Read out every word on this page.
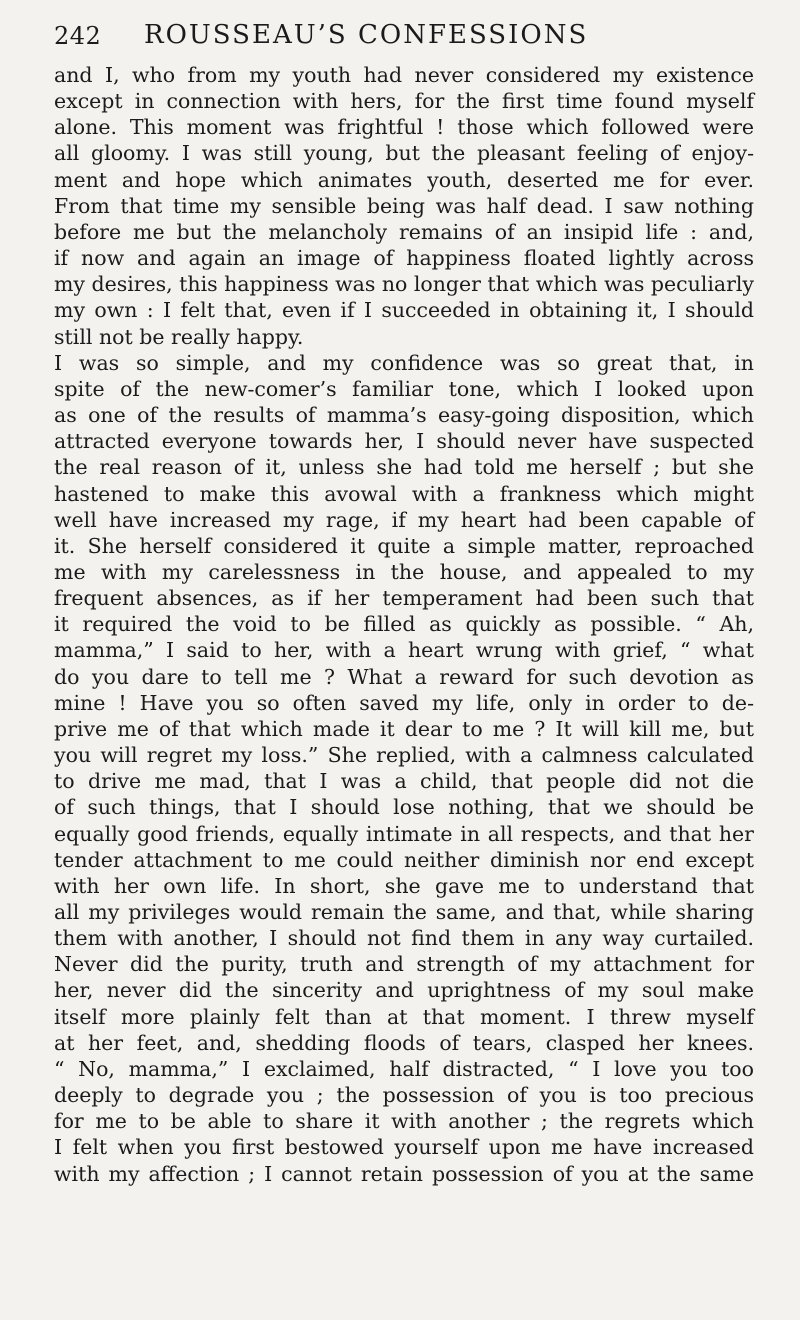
242 ROUSSEAU’S CONFESSIONS
and I, who from my youth had never considered my existence
except in connection with hers, for the first time found myself
alone. This moment was frightful ! those which followed were
all gloomy. I was still young, but the pleasant feeling of enjoy-
ment and hope which animates youth, deserted me for ever.
From that time my sensible being was half dead. I saw nothing
before me but the melancholy remains of an insipid life : and,
if now and again an image of happiness floated lightly across
my desires, this happiness was no longer that which was peculiarly
my own : I felt that, even if I succeeded in obtaining it, I should
still not be really happy.
I was so simple, and my confidence was so great that, in
spite of the new-comer’s familiar tone, which I looked upon
as one of the results of mamma’s easy-going disposition, which
attracted everyone towards her, I should never have suspected
the real reason of it, unless she had told me herself ; but she
hastened to make this avowal with a frankness which might
well have increased my rage, if my heart had been capable of
it. She herself considered it quite a simple matter, reproached
me with my carelessness in the house, and appealed to my
frequent absences, as if her temperament had been such that
it required the void to be filled as quickly as possible. “ Ah,
mamma,” I said to her, with a heart wrung with grief, “ what
do you dare to tell me ? What a reward for such devotion as
mine ! Have you so often saved my life, only in order to de-
prive me of that which made it dear to me ? It will kill me, but
you will regret my loss.” She replied, with a calmness calculated
to drive me mad, that I was a child, that people did not die
of such things, that I should lose nothing, that we should be
equally good friends, equally intimate in all respects, and that her
tender attachment to me could neither diminish nor end except
with her own life. In short, she gave me to understand that
all my privileges would remain the same, and that, while sharing
them with another, I should not find them in any way curtailed.
Never did the purity, truth and strength of my attachment for
her, never did the sincerity and uprightness of my soul make
itself more plainly felt than at that moment. I threw myself
at her feet, and, shedding floods of tears, clasped her knees.
“ No, mamma,” I exclaimed, half distracted, “ I love you too
deeply to degrade you ; the possession of you is too precious
for me to be able to share it with another ; the regrets which
I felt when you first bestowed yourself upon me have increased
with my affection ; I cannot retain possession of you at the same
